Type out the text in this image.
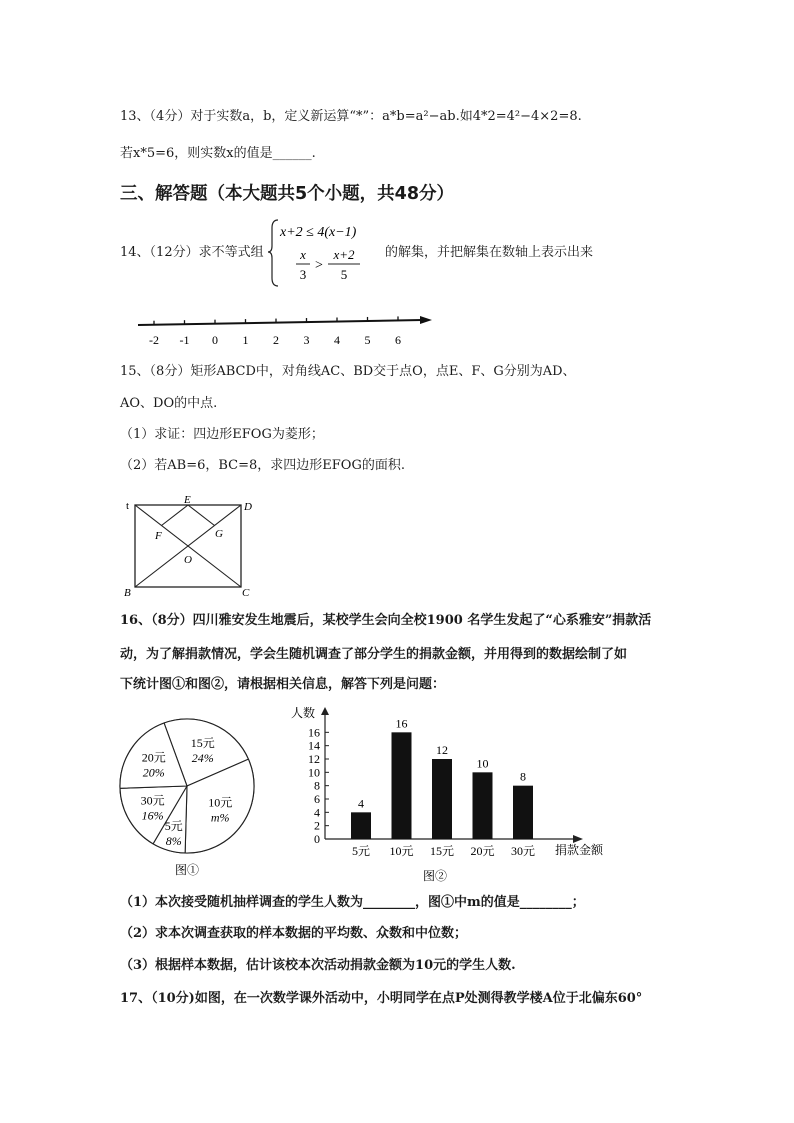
13、（4分）对于实数a，b，定义新运算“*”：a*b=a²−ab.如4*2=4²−4×2=8.
若x*5=6，则实数x的值是______.
三、解答题（本大题共5个小题，共48分）
14、（12分）求不等式组
x+2 ≤ 4(x−1)
x
3
>
x+2
5
的解集，并把解集在数轴上表示出来
-2 -1 0 1 2 3 4 5 6
15、（8分）矩形ABCD中，对角线AC、BD交于点O，点E、F、G分别为AD、
AO、DO的中点.
（1）求证：四边形EFOG为菱形；
（2）若AB=6，BC=8，求四边形EFOG的面积.
t	D
E
F	G
O
B	C
16、（8分）四川雅安发生地震后，某校学生会向全校1900 名学生发起了“心系雅安”捐款活
动，为了解捐款情况，学会生随机调查了部分学生的捐款金额，并用得到的数据绘制了如
下统计图①和图②，请根据相关信息，解答下列是问题：
15元
24%
10元
m%
5元
8%
30元
16%
20元
20%
图①
0
2
4
6
8
10
12
14
16
4
5元
16
10元
12
15元
10
20元
8
30元
人数
捐款金额
图②
（1）本次接受随机抽样调查的学生人数为________，图①中m的值是________；
（2）求本次调查获取的样本数据的平均数、众数和中位数；
（3）根据样本数据，估计该校本次活动捐款金额为10元的学生人数.
17、（10分)如图，在一次数学课外活动中，小明同学在点P处测得教学楼A位于北偏东60°
